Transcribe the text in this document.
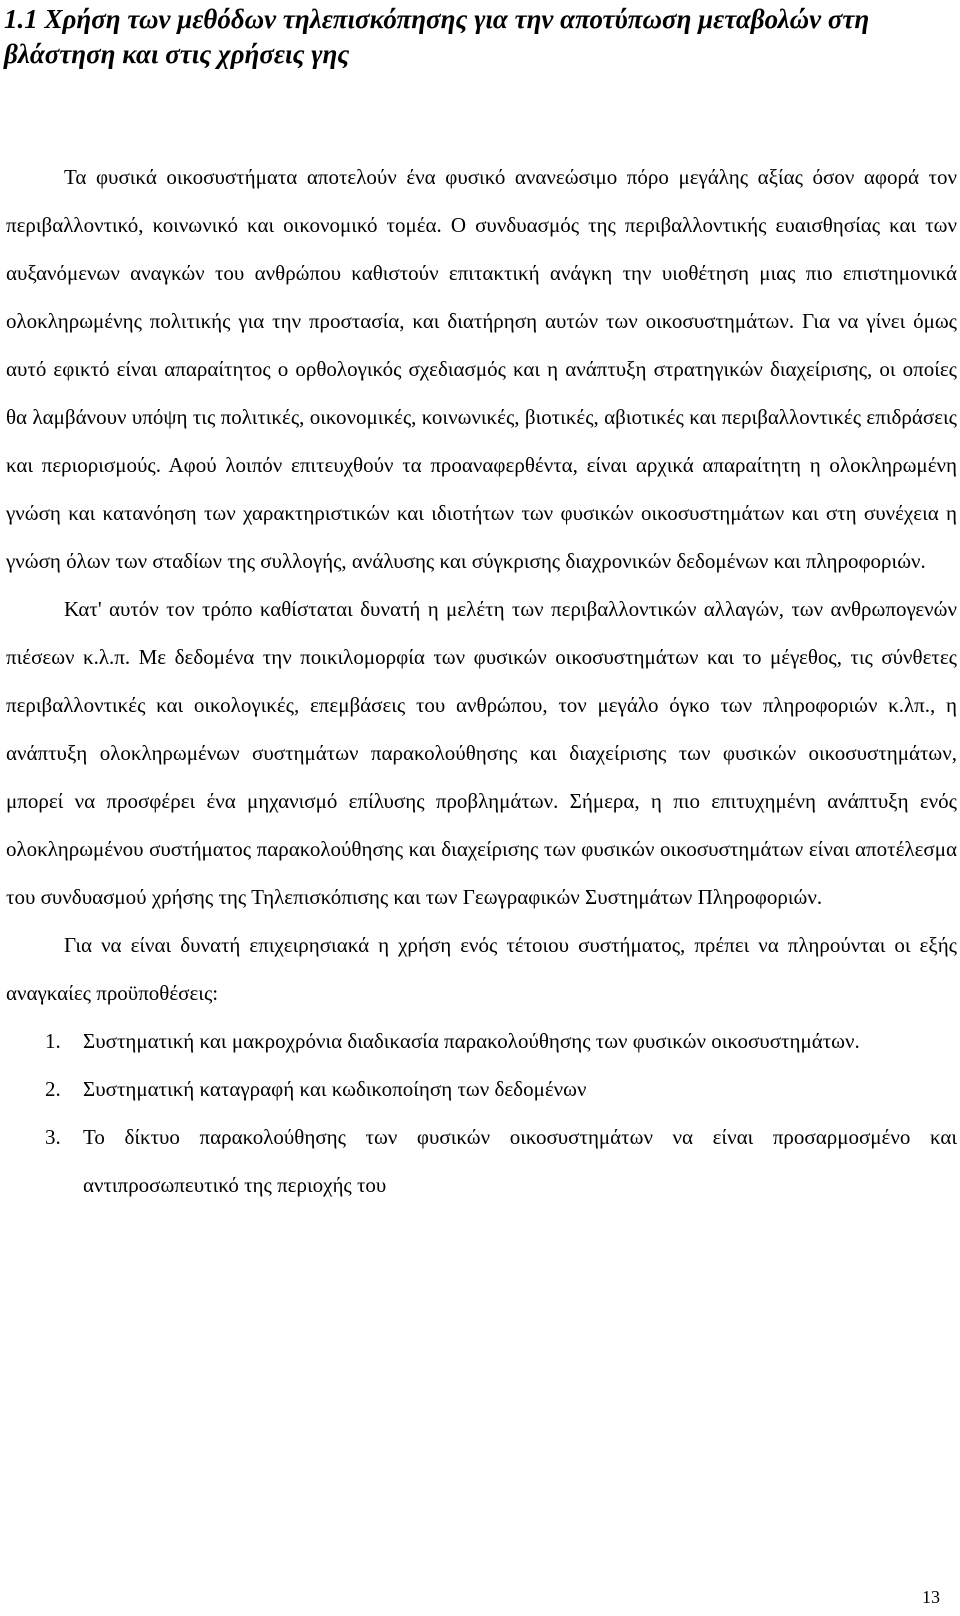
1.1 Χρήση των μεθόδων τηλεπισκόπησης για την αποτύπωση μεταβολών στη βλάστηση και στις χρήσεις γης

Τα φυσικά οικοσυστήματα αποτελούν ένα φυσικό ανανεώσιμο πόρο μεγάλης αξίας όσον αφορά τον περιβαλλοντικό, κοινωνικό και οικονομικό τομέα. Ο συνδυασμός της περιβαλλοντικής ευαισθησίας και των αυξανόμενων αναγκών του ανθρώπου καθιστούν επιτακτική ανάγκη την υιοθέτηση μιας πιο επιστημονικά ολοκληρωμένης πολιτικής για την προστασία, και διατήρηση αυτών των οικοσυστημάτων. Για να γίνει όμως αυτό εφικτό είναι απαραίτητος ο ορθολογικός σχεδιασμός και η ανάπτυξη στρατηγικών διαχείρισης, οι οποίες θα λαμβάνουν υπόψη τις πολιτικές, οικονομικές, κοινωνικές, βιοτικές, αβιοτικές και περιβαλλοντικές επιδράσεις και περιορισμούς. Αφού λοιπόν επιτευχθούν τα προαναφερθέντα, είναι αρχικά απαραίτητη η ολοκληρωμένη γνώση και κατανόηση των χαρακτηριστικών και ιδιοτήτων των φυσικών οικοσυστημάτων και στη συνέχεια η γνώση όλων των σταδίων της συλλογής, ανάλυσης και σύγκρισης διαχρονικών δεδομένων και πληροφοριών.

Κατ' αυτόν τον τρόπο καθίσταται δυνατή η μελέτη των περιβαλλοντικών αλλαγών, των ανθρωπογενών πιέσεων κ.λ.π. Με δεδομένα την ποικιλομορφία των φυσικών οικοσυστημάτων και το μέγεθος, τις σύνθετες περιβαλλοντικές και οικολογικές, επεμβάσεις του ανθρώπου, τον μεγάλο όγκο των πληροφοριών κ.λπ., η ανάπτυξη ολοκληρωμένων συστημάτων παρακολούθησης και διαχείρισης των φυσικών οικοσυστημάτων, μπορεί να προσφέρει ένα μηχανισμό επίλυσης προβλημάτων. Σήμερα, η πιο επιτυχημένη ανάπτυξη ενός ολοκληρωμένου συστήματος παρακολούθησης και διαχείρισης των φυσικών οικοσυστημάτων είναι αποτέλεσμα του συνδυασμού χρήσης της Τηλεπισκόπισης και των Γεωγραφικών Συστημάτων Πληροφοριών.

Για να είναι δυνατή επιχειρησιακά η χρήση ενός τέτοιου συστήματος, πρέπει να πληρούνται οι εξής αναγκαίες προϋποθέσεις:

Συστηματική και μακροχρόνια διαδικασία παρακολούθησης των φυσικών οικοσυστημάτων.
Συστηματική καταγραφή και κωδικοποίηση των δεδομένων
Το δίκτυο παρακολούθησης των φυσικών οικοσυστημάτων να είναι προσαρμοσμένο και αντιπροσωπευτικό της περιοχής του
13
